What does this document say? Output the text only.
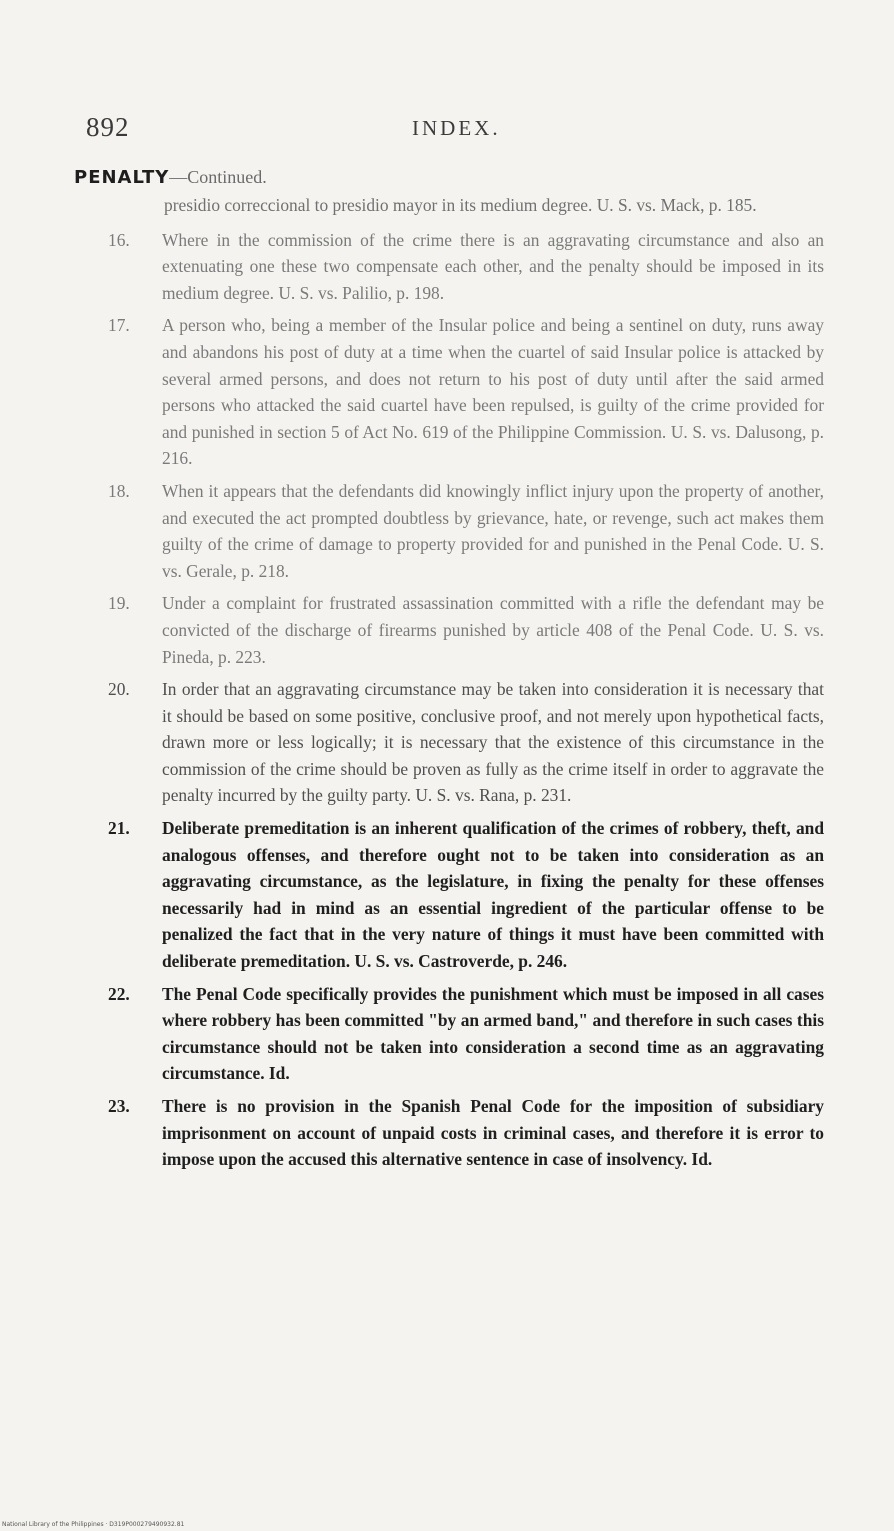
892	INDEX.
PENALTY—Continued.

presidio correccional to presidio mayor in its medium degree. U. S. vs. Mack, p. 185.

16. Where in the commission of the crime there is an aggravating circumstance and also an extenuating one these two compensate each other, and the penalty should be imposed in its medium degree. U. S. vs. Palilio, p. 198.
17. A person who, being a member of the Insular police and being a sentinel on duty, runs away and abandons his post of duty at a time when the cuartel of said Insular police is attacked by several armed persons, and does not return to his post of duty until after the said armed persons who attacked the said cuartel have been repulsed, is guilty of the crime provided for and punished in section 5 of Act No. 619 of the Philippine Commission. U. S. vs. Dalusong, p. 216.
18. When it appears that the defendants did knowingly inflict injury upon the property of another, and executed the act prompted doubtless by grievance, hate, or revenge, such act makes them guilty of the crime of damage to property provided for and punished in the Penal Code. U. S. vs. Gerale, p. 218.
19. Under a complaint for frustrated assassination committed with a rifle the defendant may be convicted of the discharge of firearms punished by article 408 of the Penal Code. U. S. vs. Pineda, p. 223.
20. In order that an aggravating circumstance may be taken into consideration it is necessary that it should be based on some positive, conclusive proof, and not merely upon hypothetical facts, drawn more or less logically; it is necessary that the existence of this circumstance in the commission of the crime should be proven as fully as the crime itself in order to aggravate the penalty incurred by the guilty party. U. S. vs. Rana, p. 231.
21. Deliberate premeditation is an inherent qualification of the crimes of robbery, theft, and analogous offenses, and therefore ought not to be taken into consideration as an aggravating circumstance, as the legislature, in fixing the penalty for these offenses necessarily had in mind as an essential ingredient of the particular offense to be penalized the fact that in the very nature of things it must have been committed with deliberate premeditation. U. S. vs. Castroverde, p. 246.
22. The Penal Code specifically provides the punishment which must be imposed in all cases where robbery has been committed "by an armed band," and therefore in such cases this circumstance should not be taken into consideration a second time as an aggravating circumstance. Id.
23. There is no provision in the Spanish Penal Code for the imposition of subsidiary imprisonment on account of unpaid costs in criminal cases, and therefore it is error to impose upon the accused this alternative sentence in case of insolvency. Id.
National Library of the Philippines · D319P000279490932.81
